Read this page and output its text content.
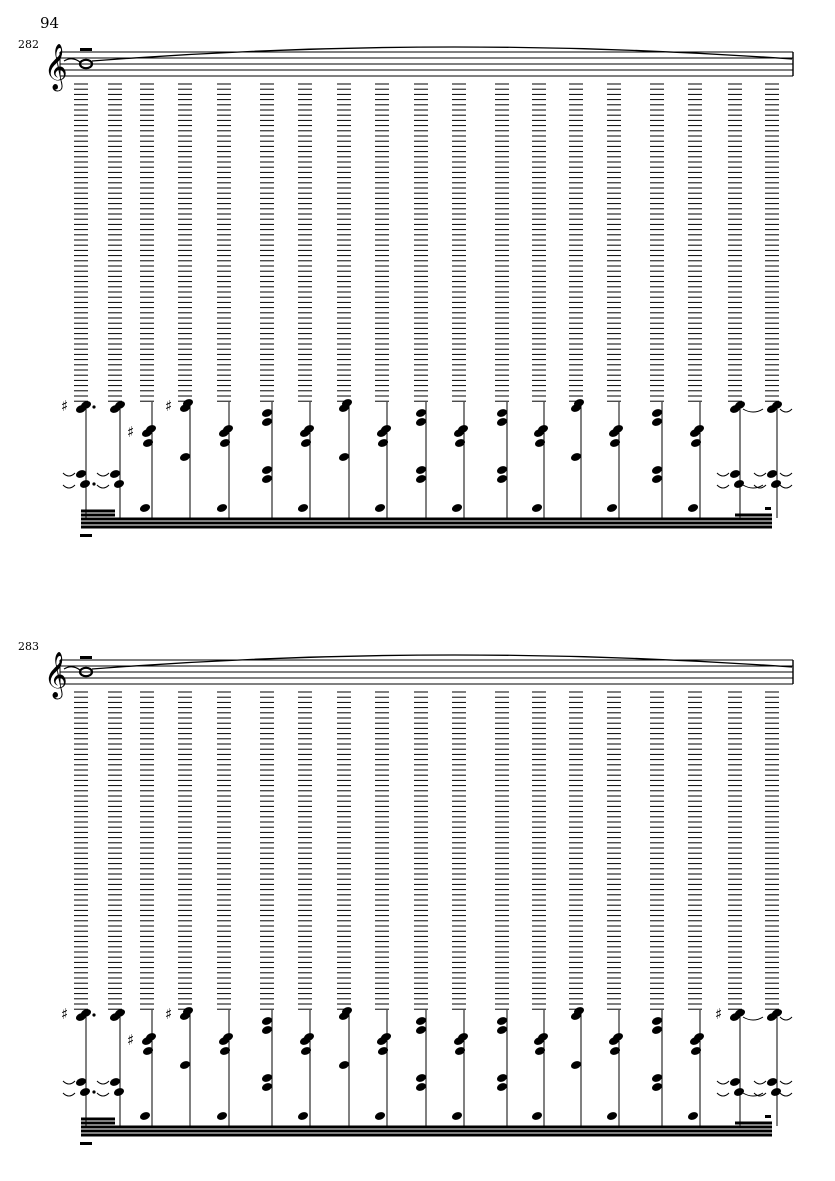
94
282
283
𝄞
♯
♯
♯
𝄞
♯
♯
♯	♯
